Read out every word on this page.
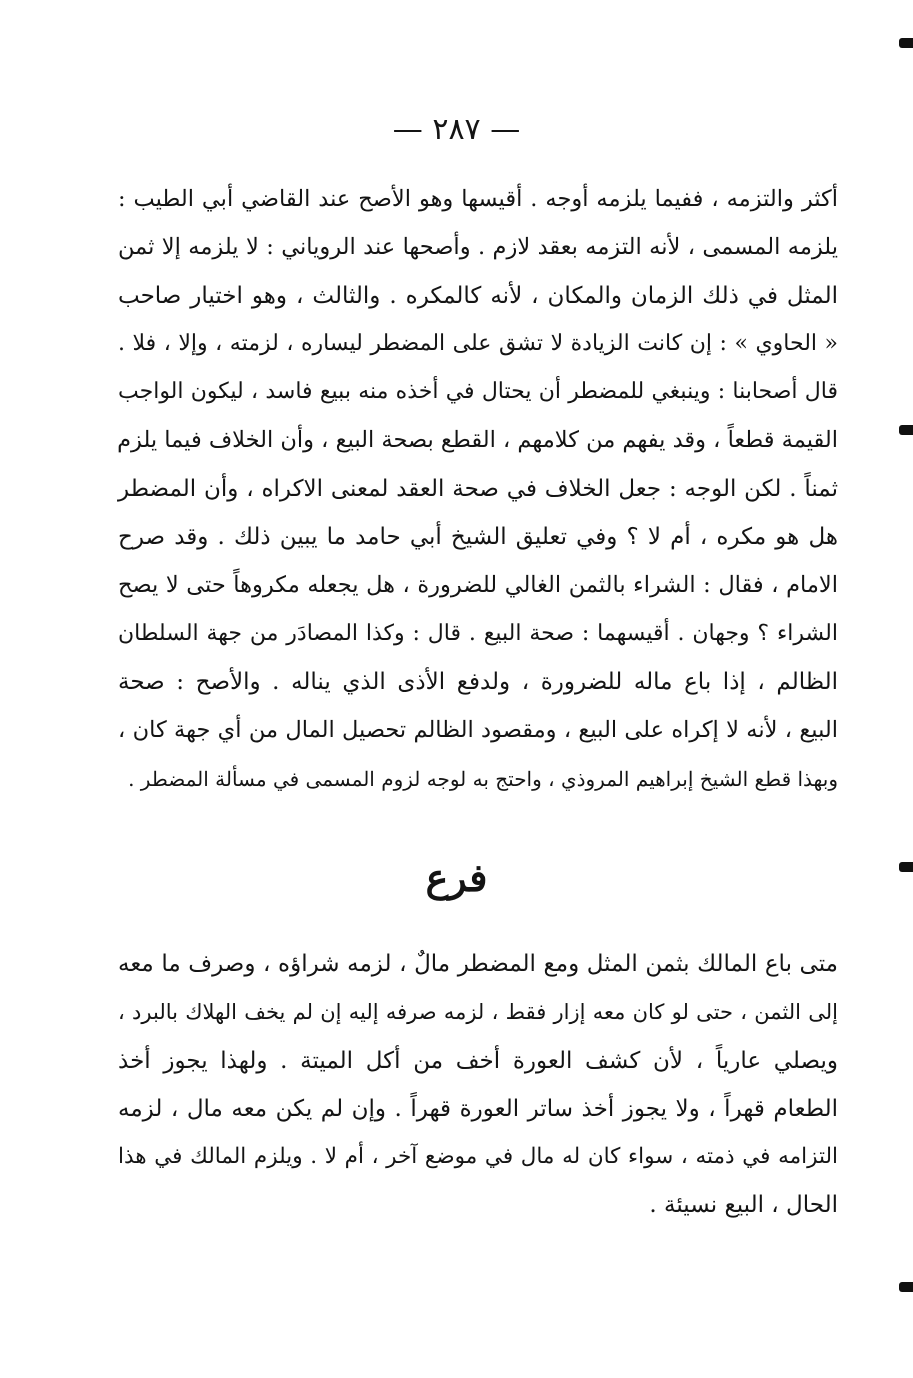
— ٢٨٧ —
أكثر والتزمه ، ففيما يلزمه أوجه . أقيسها وهو الأصح عند القاضي أبي الطيب :
يلزمه المسمى ، لأنه التزمه بعقد لازم . وأصحها عند الروياني : لا يلزمه إلا ثمن
المثل في ذلك الزمان والمكان ، لأنه كالمكره . والثالث ، وهو اختيار صاحب
« الحاوي » : إن كانت الزيادة لا تشق على المضطر ليساره ، لزمته ، وإلا ، فلا .
قال أصحابنا : وينبغي للمضطر أن يحتال في أخذه منه ببيع فاسد ، ليكون الواجب
القيمة قطعاً ، وقد يفهم من كلامهم ، القطع بصحة البيع ، وأن الخلاف فيما يلزم
ثمناً . لكن الوجه : جعل الخلاف في صحة العقد لمعنى الاكراه ، وأن المضطر
هل هو مكره ، أم لا ؟ وفي تعليق الشيخ أبي حامد ما يبين ذلك . وقد صرح
الامام ، فقال : الشراء بالثمن الغالي للضرورة ، هل يجعله مكروهاً حتى لا يصح
الشراء ؟ وجهان . أقيسهما : صحة البيع . قال : وكذا المصادَر من جهة السلطان
الظالم ، إذا باع ماله للضرورة ، ولدفع الأذى الذي يناله . والأصح : صحة
البيع ، لأنه لا إكراه على البيع ، ومقصود الظالم تحصيل المال من أي جهة كان ،
وبهذا قطع الشيخ إبراهيم المروذي ، واحتج به لوجه لزوم المسمى في مسألة المضطر .
فرع
متى باع المالك بثمن المثل ومع المضطر مالٌ ، لزمه شراؤه ، وصرف ما معه
إلى الثمن ، حتى لو كان معه إزار فقط ، لزمه صرفه إليه إن لم يخف الهلاك بالبرد ،
ويصلي عارياً ، لأن كشف العورة أخف من أكل الميتة . ولهذا يجوز أخذ
الطعام قهراً ، ولا يجوز أخذ ساتر العورة قهراً . وإن لم يكن معه مال ، لزمه
التزامه في ذمته ، سواء كان له مال في موضع آخر ، أم لا . ويلزم المالك في هذا
الحال ، البيع نسيئة .
